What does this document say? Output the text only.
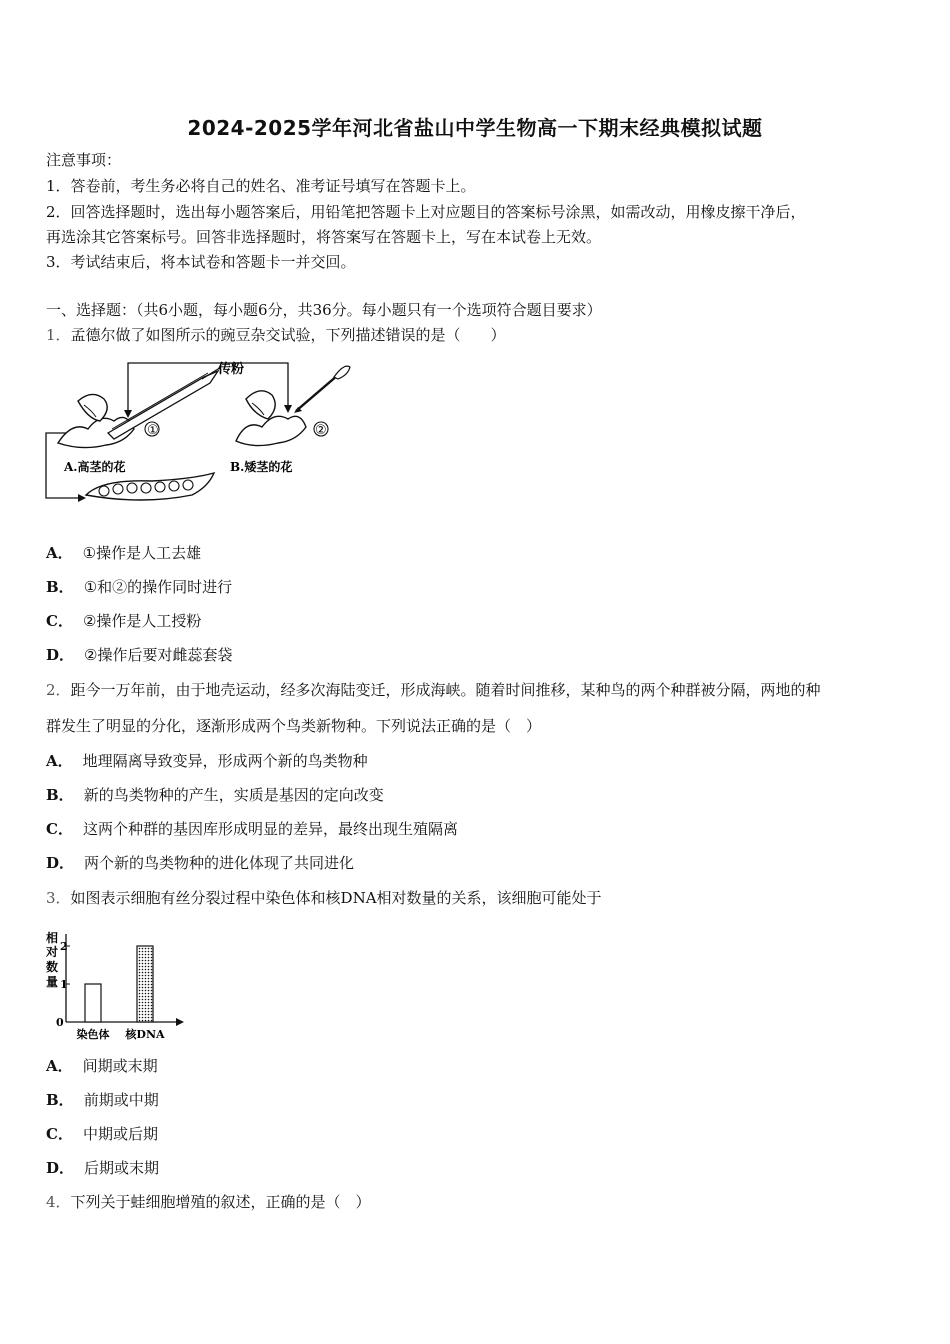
2024-2025学年河北省盐山中学生物高一下期末经典模拟试题
注意事项：
1．答卷前，考生务必将自己的姓名、准考证号填写在答题卡上。
2．回答选择题时，选出每小题答案后，用铅笔把答题卡上对应题目的答案标号涂黑，如需改动，用橡皮擦干净后，
再选涂其它答案标号。回答非选择题时，将答案写在答题卡上，写在本试卷上无效。
3．考试结束后，将本试卷和答题卡一并交回。
一、选择题：（共6小题，每小题6分，共36分。每小题只有一个选项符合题目要求）
1．孟德尔做了如图所示的豌豆杂交试验，下列描述错误的是（　　）
传粉
①	②
A.高茎的花	B.矮茎的花
A． ①操作是人工去雄
B． ①和②的操作同时进行
C． ②操作是人工授粉
D． ②操作后要对雌蕊套袋
2．距今一万年前，由于地壳运动，经多次海陆变迁，形成海峡。随着时间推移，某种鸟的两个种群被分隔，两地的种
群发生了明显的分化，逐渐形成两个鸟类新物种。下列说法正确的是（　）
A． 地理隔离导致变异，形成两个新的鸟类物种
B． 新的鸟类物种的产生，实质是基因的定向改变
C． 这两个种群的基因库形成明显的差异，最终出现生殖隔离
D． 两个新的鸟类物种的进化体现了共同进化
3．如图表示细胞有丝分裂过程中染色体和核DNA相对数量的关系，该细胞可能处于
相
对
数
量
0
1
2
染色体 核DNA
A． 间期或末期
B． 前期或中期
C． 中期或后期
D． 后期或末期
4．下列关于蛙细胞增殖的叙述，正确的是（　）
